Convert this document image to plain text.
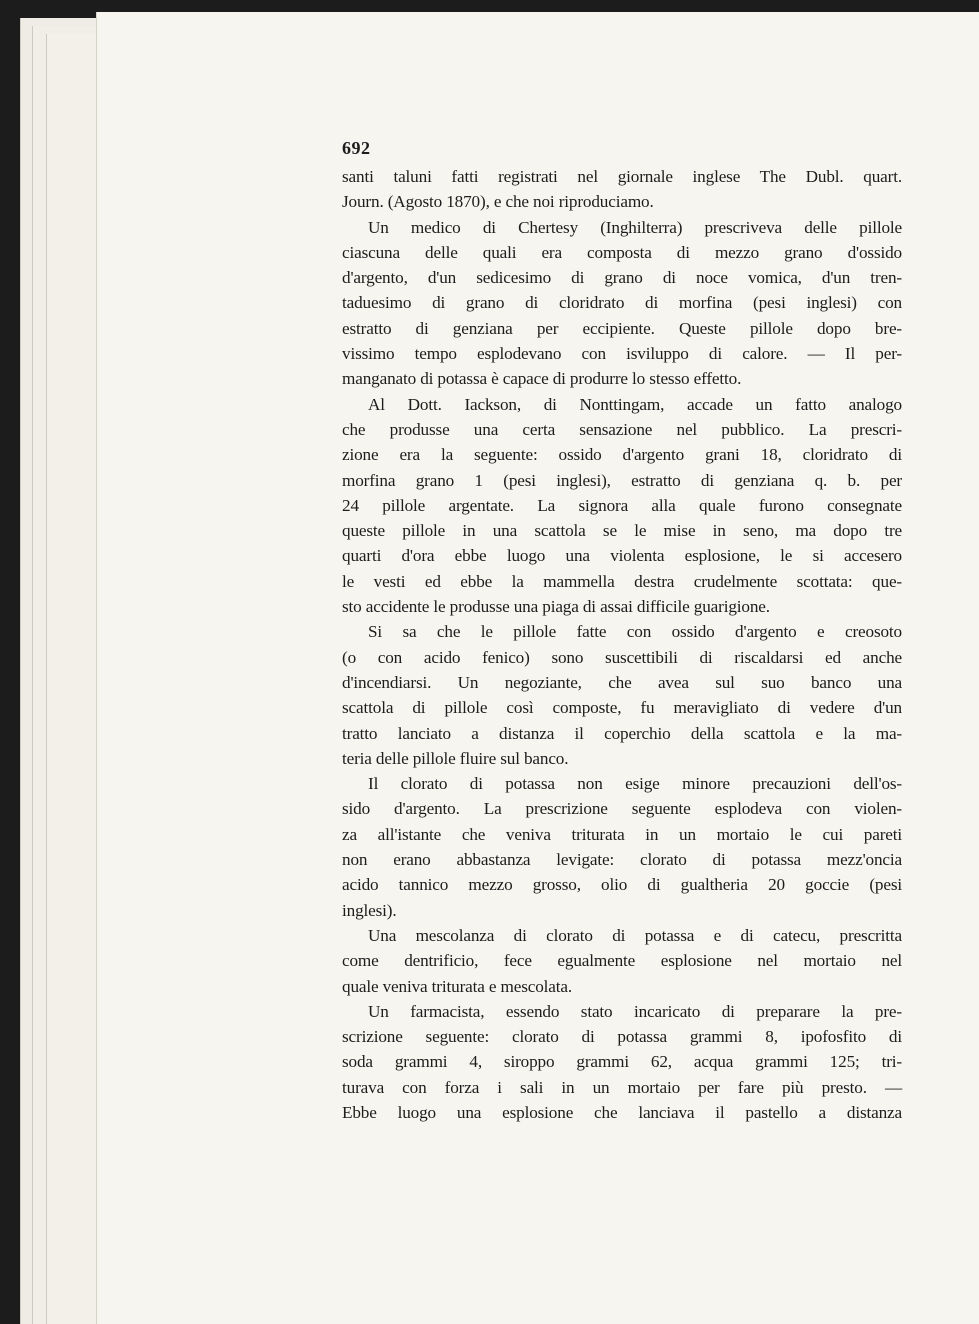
692
santi taluni fatti registrati nel giornale inglese The Dubl. quart.
Journ. (Agosto 1870), e che noi riproduciamo.
Un medico di Chertesy (Inghilterra) prescriveva delle pillole
ciascuna delle quali era composta di mezzo grano d'ossido
d'argento, d'un sedicesimo di grano di noce vomica, d'un tren-
taduesimo di grano di cloridrato di morfina (pesi inglesi) con
estratto di genziana per eccipiente. Queste pillole dopo bre-
vissimo tempo esplodevano con isviluppo di calore. — Il per-
manganato di potassa è capace di produrre lo stesso effetto.
Al Dott. Iackson, di Nonttingam, accade un fatto analogo
che produsse una certa sensazione nel pubblico. La prescri-
zione era la seguente: ossido d'argento grani 18, cloridrato di
morfina grano 1 (pesi inglesi), estratto di genziana q. b. per
24 pillole argentate. La signora alla quale furono consegnate
queste pillole in una scattola se le mise in seno, ma dopo tre
quarti d'ora ebbe luogo una violenta esplosione, le si accesero
le vesti ed ebbe la mammella destra crudelmente scottata: que-
sto accidente le produsse una piaga di assai difficile guarigione.
Si sa che le pillole fatte con ossido d'argento e creosoto
(o con acido fenico) sono suscettibili di riscaldarsi ed anche
d'incendiarsi. Un negoziante, che avea sul suo banco una
scattola di pillole così composte, fu meravigliato di vedere d'un
tratto lanciato a distanza il coperchio della scattola e la ma-
teria delle pillole fluire sul banco.
Il clorato di potassa non esige minore precauzioni dell'os-
sido d'argento. La prescrizione seguente esplodeva con violen-
za all'istante che veniva triturata in un mortaio le cui pareti
non erano abbastanza levigate: clorato di potassa mezz'oncia
acido tannico mezzo grosso, olio di gualtheria 20 goccie (pesi
inglesi).
Una mescolanza di clorato di potassa e di catecu, prescritta
come dentrificio, fece egualmente esplosione nel mortaio nel
quale veniva triturata e mescolata.
Un farmacista, essendo stato incaricato di preparare la pre-
scrizione seguente: clorato di potassa grammi 8, ipofosfito di
soda grammi 4, siroppo grammi 62, acqua grammi 125; tri-
turava con forza i sali in un mortaio per fare più presto. —
Ebbe luogo una esplosione che lanciava il pastello a distanza
